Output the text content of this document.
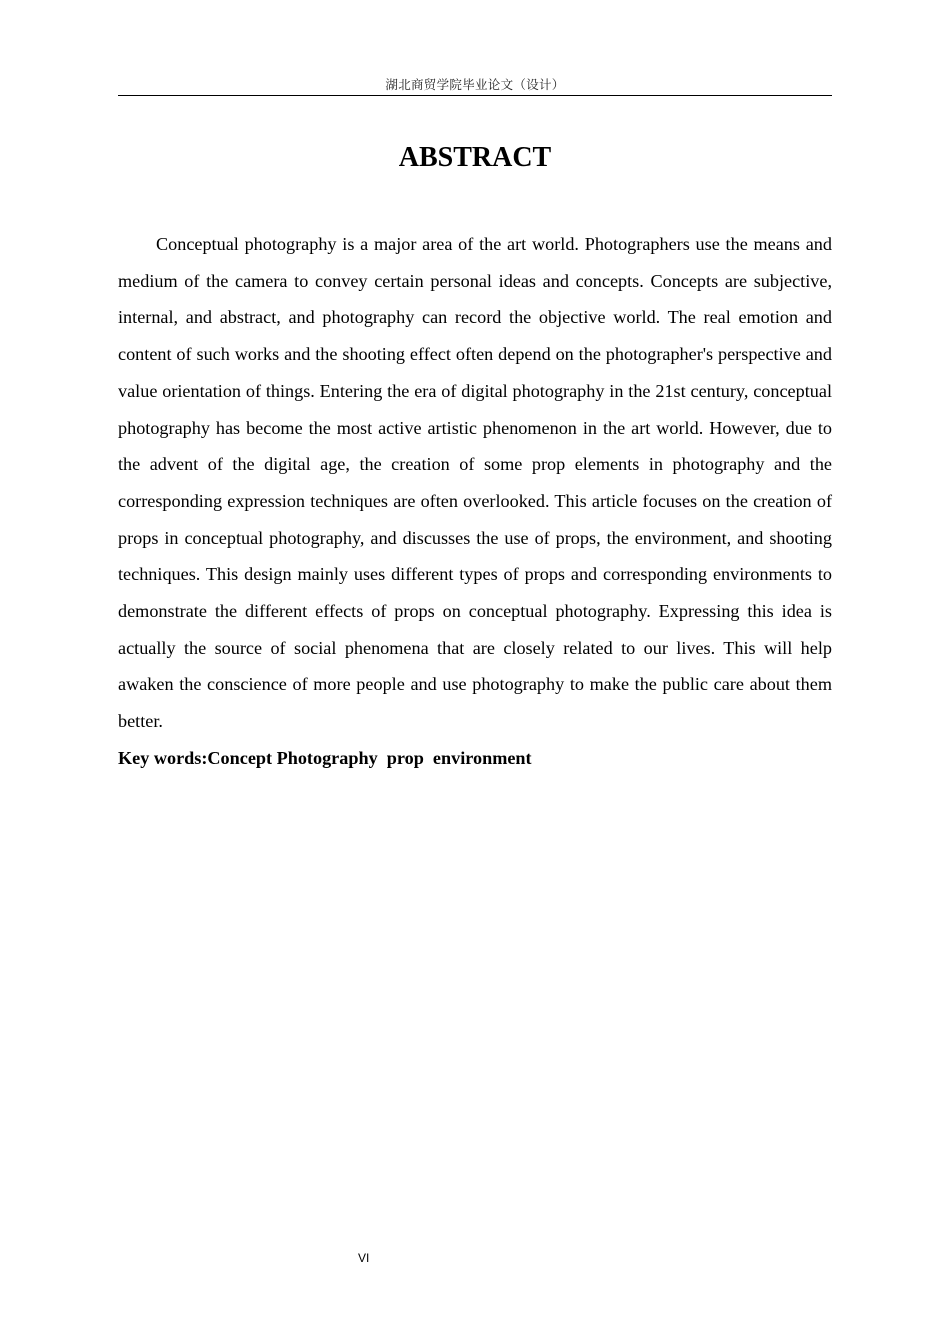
湖北商贸学院毕业论文（设计）
ABSTRACT

Conceptual photography is a major area of the art world. Photographers use the means and medium of the camera to convey certain personal ideas and concepts. Concepts are subjective, internal, and abstract, and photography can record the objective world. The real emotion and content of such works and the shooting effect often depend on the photographer's perspective and value orientation of things. Entering the era of digital photography in the 21st century, conceptual photography has become the most active artistic phenomenon in the art world. However, due to the advent of the digital age, the creation of some prop elements in photography and the corresponding expression techniques are often overlooked. This article focuses on the creation of props in conceptual photography, and discusses the use of props, the environment, and shooting techniques. This design mainly uses different types of props and corresponding environments to demonstrate the different effects of props on conceptual photography. Expressing this idea is actually the source of social phenomena that are closely related to our lives. This will help awaken the conscience of more people and use photography to make the public care about them better.

Key words:Concept Photography  prop  environment

VI
